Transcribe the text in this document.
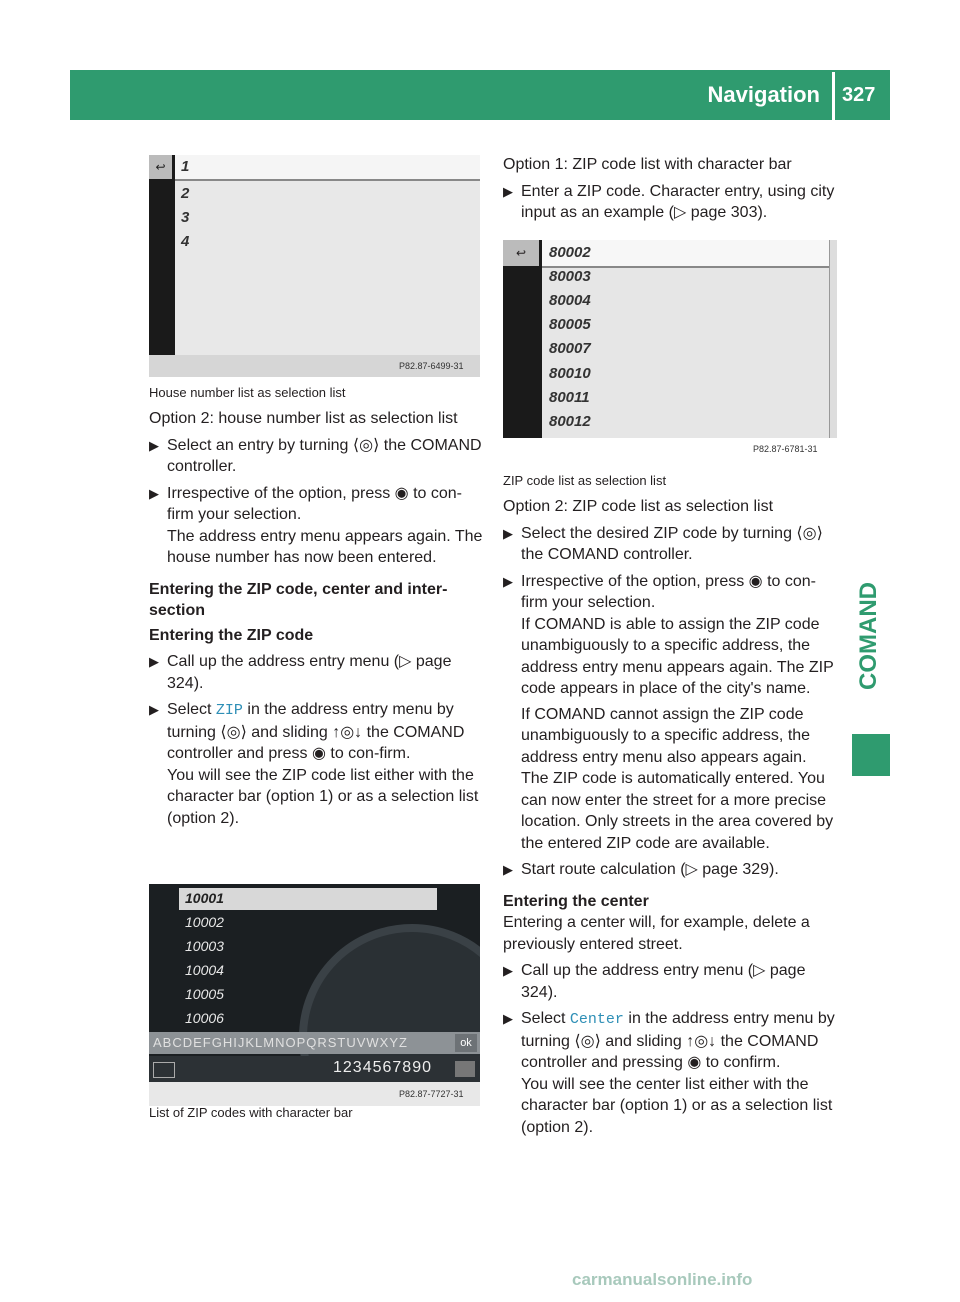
Navigation 327
COMAND
↩	1
2
3
4
P82.87-6499-31

House number list as selection list

Option 2: house number list as selection list

▶ Select an entry by turning ⟨◎⟩ the COMAND controller.
▶ Irrespective of the option, press ◉ to con-firm your selection.
The address entry menu appears again. The house number has now been entered.

Entering the ZIP code, center and inter-section

Entering the ZIP code

▶ Call up the address entry menu (▷ page 324).
▶ Select ZIP in the address entry menu by turning ⟨◎⟩ and sliding ↑◎↓ the COMAND controller and press ◉ to con-firm.
You will see the ZIP code list either with the character bar (option 1) or as a selection list (option 2).
10001
10002
10003
10004
10005
10006
ABCDEFGHIJKLMNOPQRSTUVWXYZ	ok
1234567890
P82.87-7727-31

List of ZIP codes with character bar

Option 1: ZIP code list with character bar

▶ Enter a ZIP code. Character entry, using city input as an example (▷ page 303).
↩	80002
80003
80004
80005
80007
80010
80011
80012
P82.87-6781-31

ZIP code list as selection list

Option 2: ZIP code list as selection list

▶ Select the desired ZIP code by turning ⟨◎⟩ the COMAND controller.
▶ Irrespective of the option, press ◉ to con-firm your selection.
If COMAND is able to assign the ZIP code unambiguously to a specific address, the address entry menu appears again. The ZIP code appears in place of the city's name.
If COMAND cannot assign the ZIP code unambiguously to a specific address, the address entry menu also appears again. The ZIP code is automatically entered. You can now enter the street for a more precise location. Only streets in the area covered by the entered ZIP code are available.
▶ Start route calculation (▷ page 329).

Entering the center

Entering a center will, for example, delete a previously entered street.

▶ Call up the address entry menu (▷ page 324).
▶ Select Center in the address entry menu by turning ⟨◎⟩ and sliding ↑◎↓ the COMAND controller and pressing ◉ to confirm.
You will see the center list either with the character bar (option 1) or as a selection list (option 2).
carmanualsonline.info
